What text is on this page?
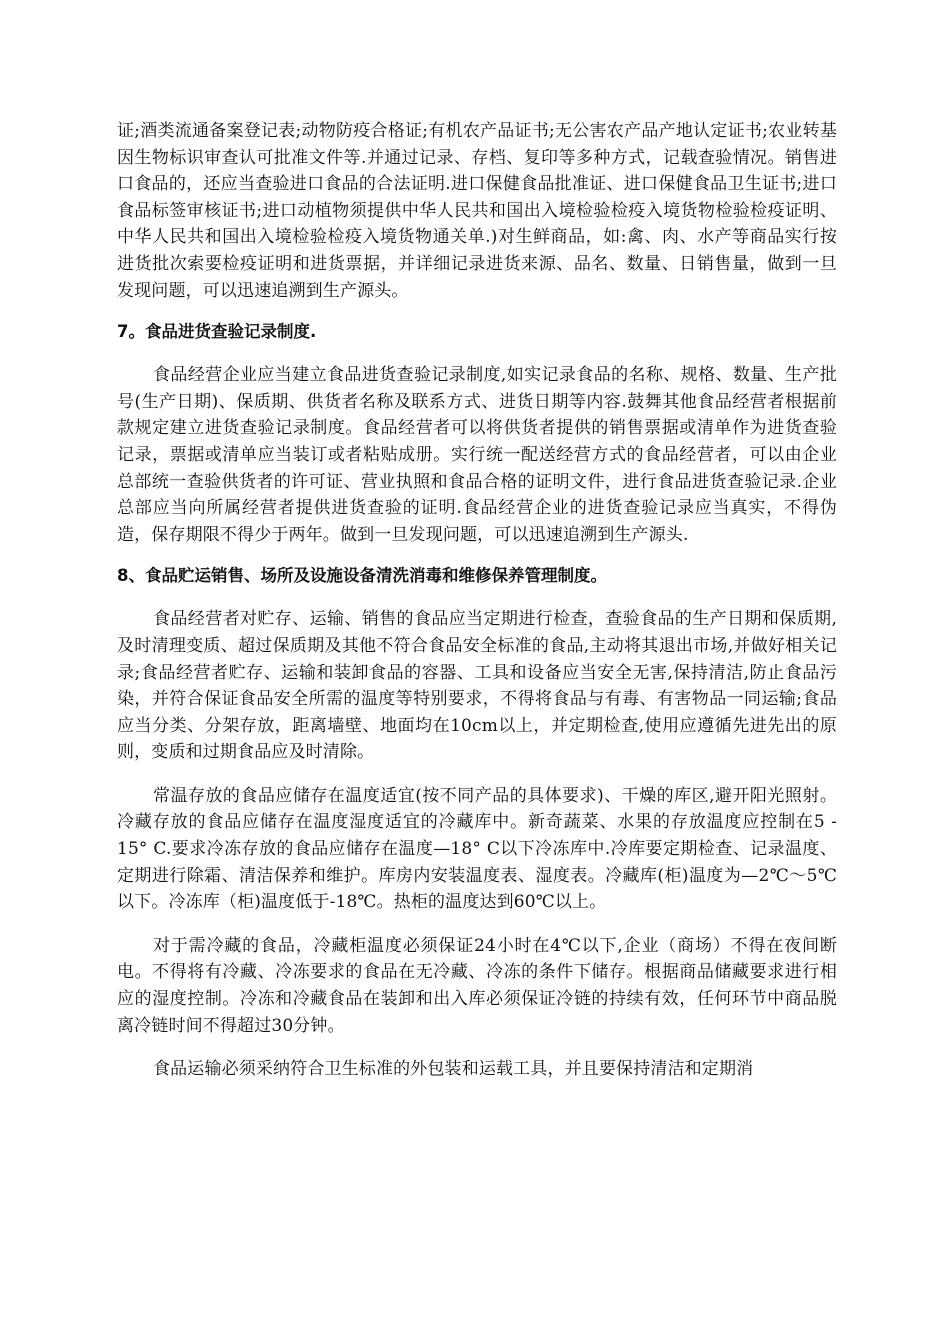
证;酒类流通备案登记表;动物防疫合格证;有机农产品证书;无公害农产品产地认定证书;农业转基因生物标识审查认可批准文件等.并通过记录、存档、复印等多种方式，记载查验情况。销售进口食品的，还应当查验进口食品的合法证明.进口保健食品批准证、进口保健食品卫生证书;进口食品标签审核证书;进口动植物须提供中华人民共和国出入境检验检疫入境货物检验检疫证明、中华人民共和国出入境检验检疫入境货物通关单.)对生鲜商品，如:禽、肉、水产等商品实行按进货批次索要检疫证明和进货票据，并详细记录进货来源、品名、数量、日销售量，做到一旦发现问题，可以迅速追溯到生产源头。

7。食品进货查验记录制度.

食品经营企业应当建立食品进货查验记录制度,如实记录食品的名称、规格、数量、生产批号(生产日期)、保质期、供货者名称及联系方式、进货日期等内容.鼓舞其他食品经营者根据前款规定建立进货查验记录制度。食品经营者可以将供货者提供的销售票据或清单作为进货查验记录，票据或清单应当装订或者粘贴成册。实行统一配送经营方式的食品经营者，可以由企业总部统一查验供货者的许可证、营业执照和食品合格的证明文件，进行食品进货查验记录.企业总部应当向所属经营者提供进货查验的证明.食品经营企业的进货查验记录应当真实，不得伪造，保存期限不得少于两年。做到一旦发现问题，可以迅速追溯到生产源头.

8、食品贮运销售、场所及设施设备清洗消毒和维修保养管理制度。

食品经营者对贮存、运输、销售的食品应当定期进行检查，查验食品的生产日期和保质期,及时清理变质、超过保质期及其他不符合食品安全标准的食品,主动将其退出市场,并做好相关记录;食品经营者贮存、运输和装卸食品的容器、工具和设备应当安全无害,保持清洁,防止食品污染，并符合保证食品安全所需的温度等特别要求，不得将食品与有毒、有害物品一同运输;食品应当分类、分架存放，距离墙壁、地面均在10cm以上，并定期检查,使用应遵循先进先出的原则，变质和过期食品应及时清除。

常温存放的食品应储存在温度适宜(按不同产品的具体要求)、干燥的库区,避开阳光照射。冷藏存放的食品应储存在温度湿度适宜的冷藏库中。新奇蔬菜、水果的存放温度应控制在5 - 15° C.要求冷冻存放的食品应储存在温度—18° C以下冷冻库中.冷库要定期检查、记录温度、定期进行除霜、清洁保养和维护。库房内安装温度表、湿度表。冷藏库(柜)温度为—2℃～5℃以下。冷冻库（柜)温度低于-18℃。热柜的温度达到60℃以上。

对于需冷藏的食品，冷藏柜温度必须保证24小时在4℃以下,企业（商场）不得在夜间断电。不得将有冷藏、冷冻要求的食品在无冷藏、冷冻的条件下储存。根据商品储藏要求进行相应的湿度控制。冷冻和冷藏食品在装卸和出入库必须保证冷链的持续有效，任何环节中商品脱离冷链时间不得超过30分钟。

食品运输必须采纳符合卫生标准的外包装和运载工具，并且要保持清洁和定期消
